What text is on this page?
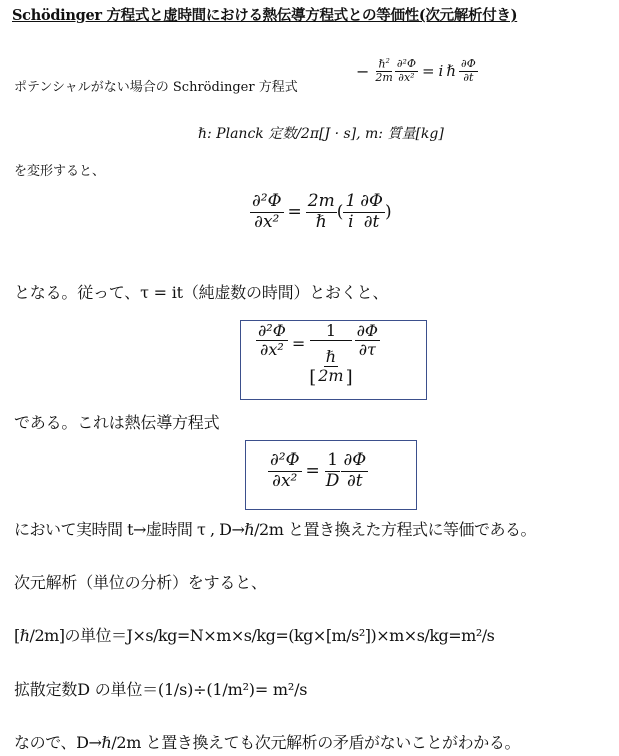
Schödinger 方程式と虚時間における熱伝導方程式との等価性(次元解析付き)
ポテンシャルがない場合の Schrödinger 方程式
− $\frac{\hbar^2}{2m} \frac{\text{∂²Φ}}{\text{∂x²}} = i$ ℏ $\frac{\partial\Phi}{\partial t}$
ℏ: Planck 定数/2π[J · s], m: 質量[kg]
を変形すると、
$\frac{\text{∂²Φ}}{\text{∂x²}} = \frac{2m}{\text{ℏ}}$ ( $\frac{1}{i} \frac{\partial\Phi}{\partial t}$ )
となる。従って、τ = it（純虚数の時間）とおくと、
$\frac{\text{∂²Φ}}{\text{∂x²}}$ =
1
[ $\frac{\text{ℏ}}{2m}$ ]
$\frac{\partial\Phi}{\partial\tau}$
である。これは熱伝導方程式
$\frac{\text{∂²Φ}}{\text{∂x²}} = \frac{1}{D} \frac{\partial\Phi}{\partial t}$
において実時間 t→虚時間 τ , D→ℏ/2m と置き換えた方程式に等価である。
次元解析（単位の分析）をすると、
[ℏ/2m]の単位＝J×s/kg=N×m×s/kg=(kg×[m/s²])×m×s/kg=m²/s
拡散定数D の単位＝(1/s)÷(1/m²)= m²/s
なので、D→ℏ/2m と置き換えても次元解析の矛盾がないことがわかる。
